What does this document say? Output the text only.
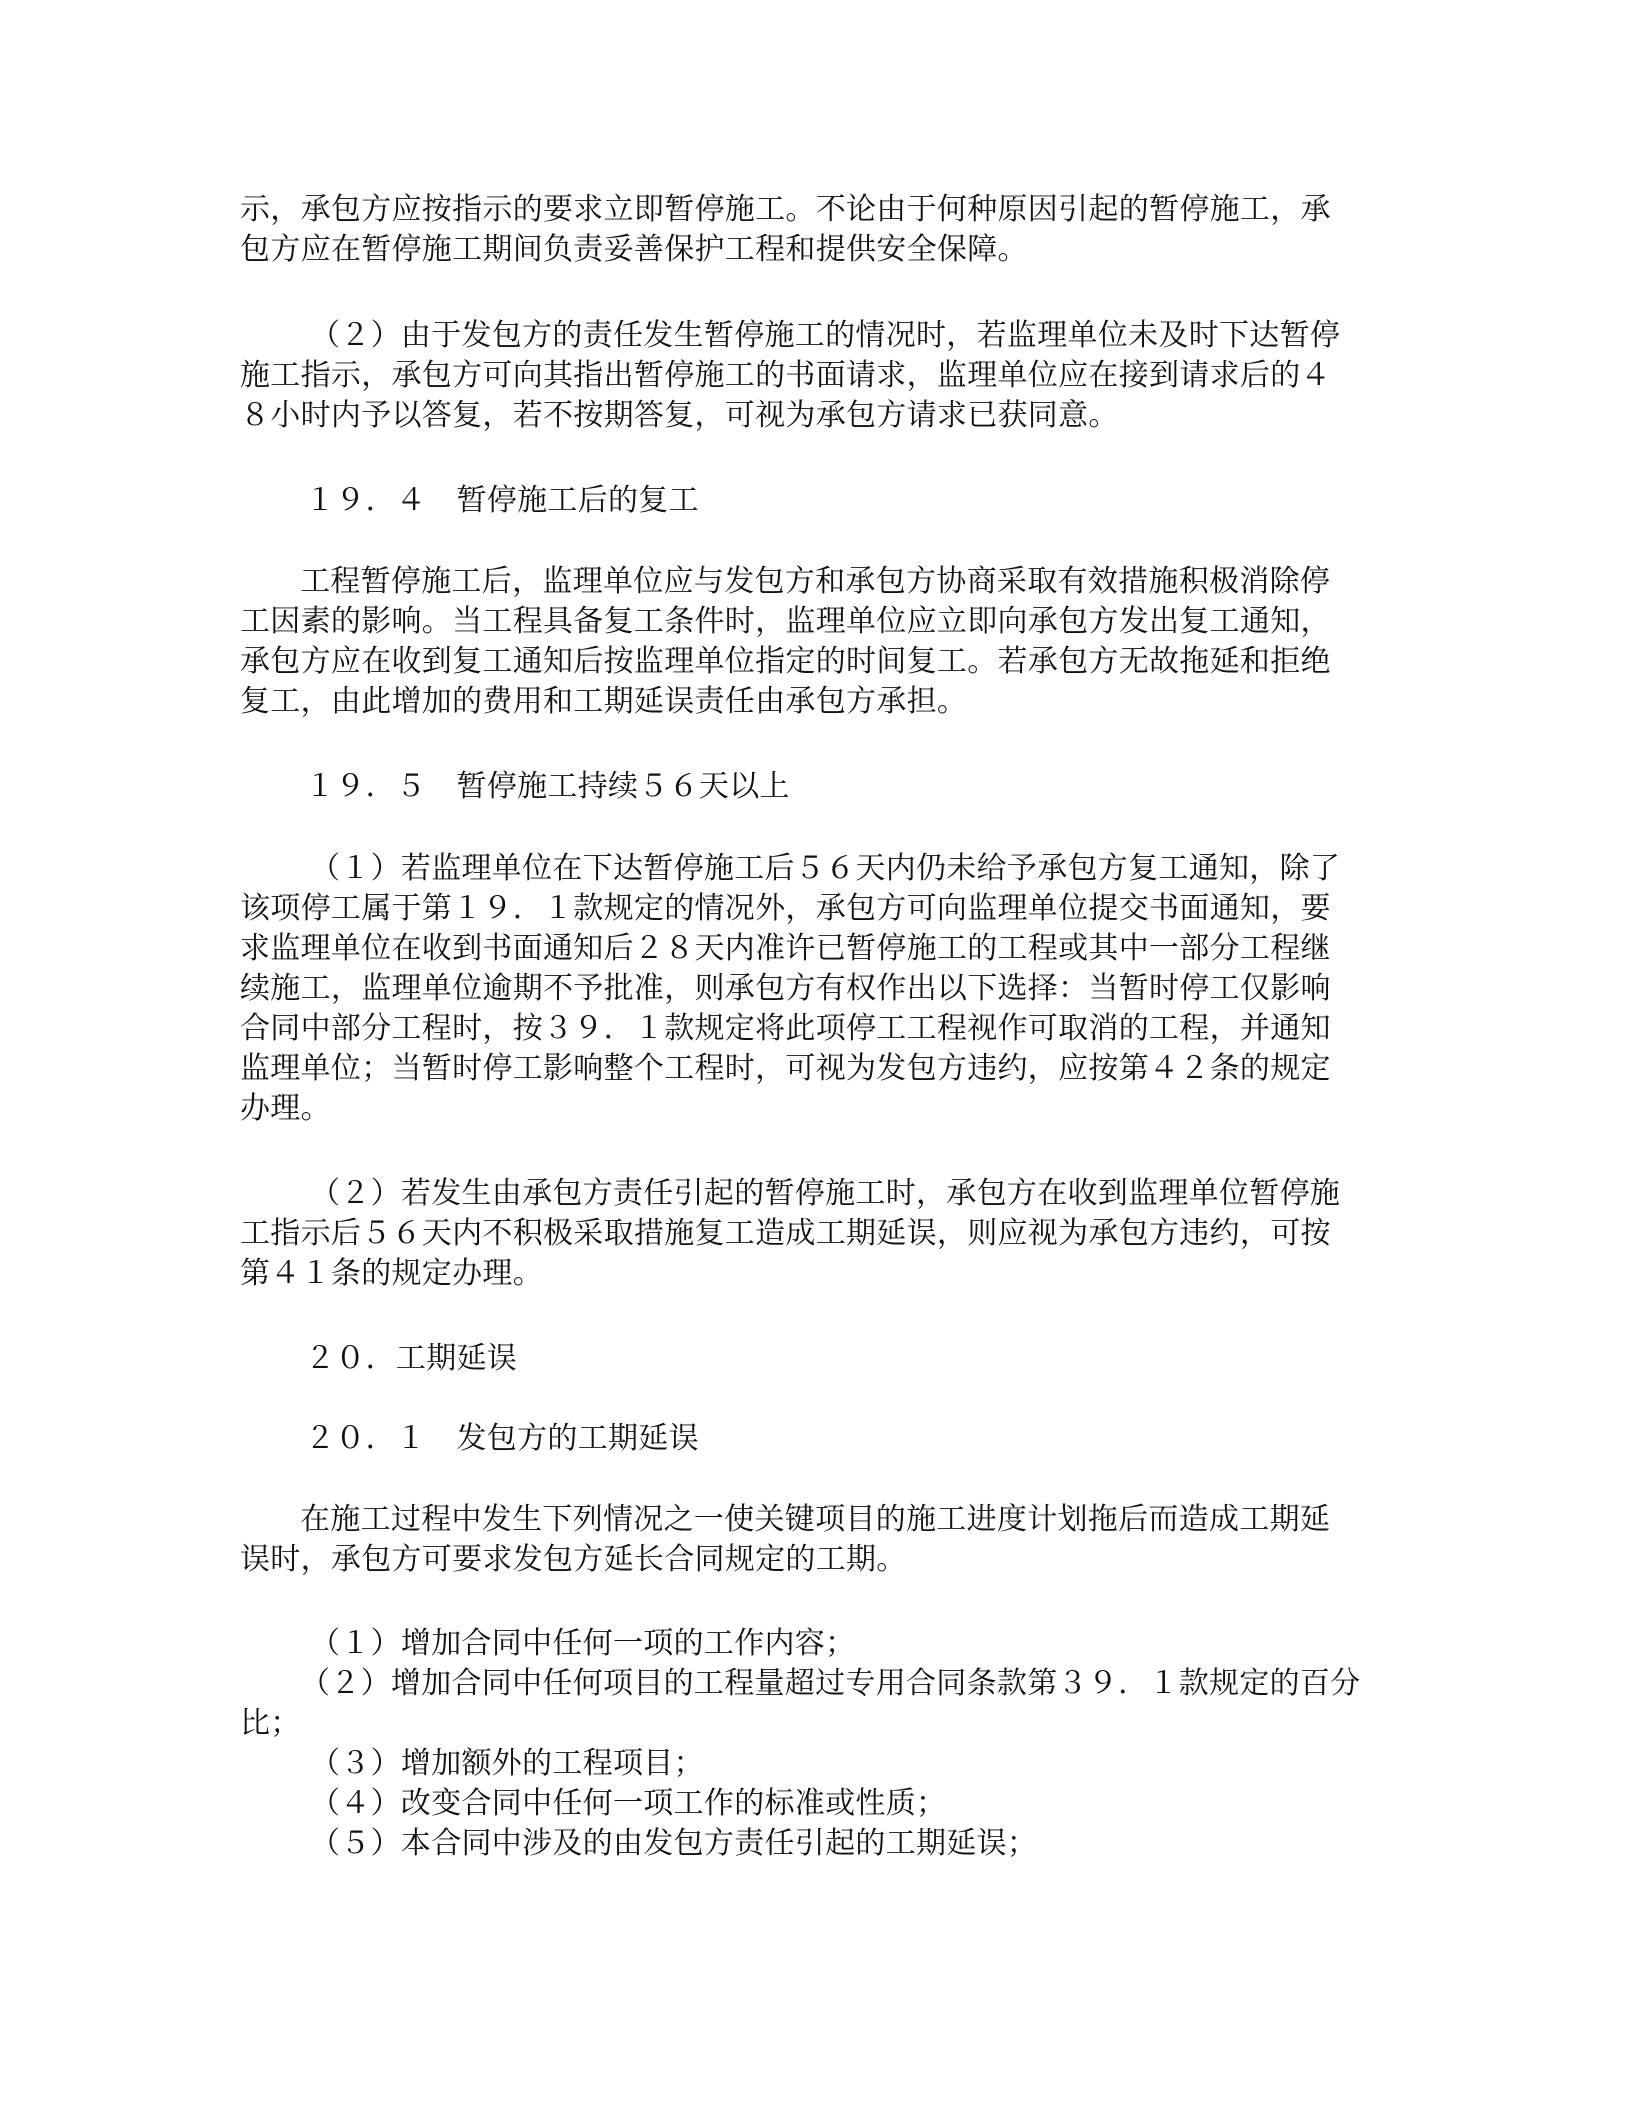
示，承包方应按指示的要求立即暂停施工。不论由于何种原因引起的暂停施工，承
包方应在暂停施工期间负责妥善保护工程和提供安全保障。
（２）由于发包方的责任发生暂停施工的情况时，若监理单位未及时下达暂停
施工指示，承包方可向其指出暂停施工的书面请求，监理单位应在接到请求后的４
８小时内予以答复，若不按期答复，可视为承包方请求已获同意。
１９．４　暂停施工后的复工
工程暂停施工后，监理单位应与发包方和承包方协商采取有效措施积极消除停
工因素的影响。当工程具备复工条件时，监理单位应立即向承包方发出复工通知，
承包方应在收到复工通知后按监理单位指定的时间复工。若承包方无故拖延和拒绝
复工，由此增加的费用和工期延误责任由承包方承担。
１９．５　暂停施工持续５６天以上
（１）若监理单位在下达暂停施工后５６天内仍未给予承包方复工通知，除了
该项停工属于第１９．１款规定的情况外，承包方可向监理单位提交书面通知，要
求监理单位在收到书面通知后２８天内准许已暂停施工的工程或其中一部分工程继
续施工，监理单位逾期不予批准，则承包方有权作出以下选择：当暂时停工仅影响
合同中部分工程时，按３９．１款规定将此项停工工程视作可取消的工程，并通知
监理单位；当暂时停工影响整个工程时，可视为发包方违约，应按第４２条的规定
办理。
（２）若发生由承包方责任引起的暂停施工时，承包方在收到监理单位暂停施
工指示后５６天内不积极采取措施复工造成工期延误，则应视为承包方违约，可按
第４１条的规定办理。
２０．工期延误
２０．１　发包方的工期延误
在施工过程中发生下列情况之一使关键项目的施工进度计划拖后而造成工期延
误时，承包方可要求发包方延长合同规定的工期。
（１）增加合同中任何一项的工作内容；
（２）增加合同中任何项目的工程量超过专用合同条款第３９．１款规定的百分
比；
（３）增加额外的工程项目；
（４）改变合同中任何一项工作的标准或性质；
（５）本合同中涉及的由发包方责任引起的工期延误；
